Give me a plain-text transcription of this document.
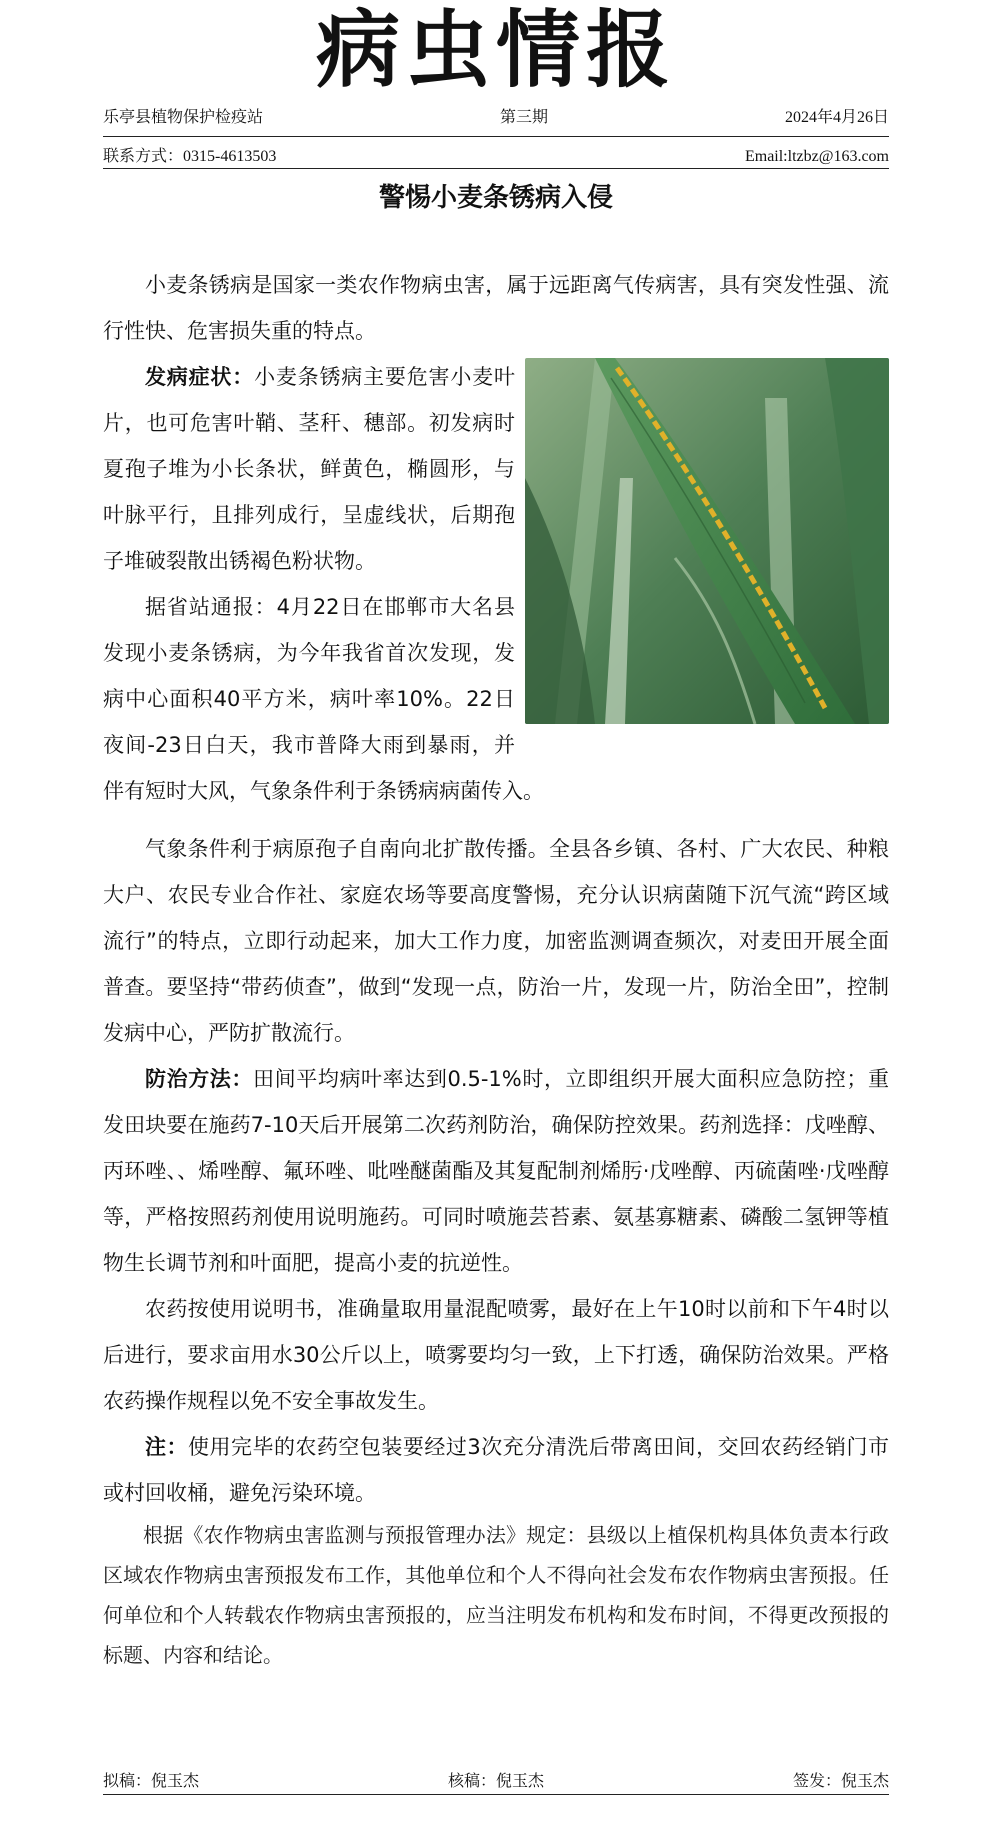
病虫情报
乐亭县植物保护检疫站	第三期	2024年4月26日
联系方式：0315-4613503	Email:ltzbz@163.com
警惕小麦条锈病入侵
小麦条锈病是国家一类农作物病虫害，属于远距离气传病害，具有突发性强、流行性快、危害损失重的特点。
发病症状：小麦条锈病主要危害小麦叶片，也可危害叶鞘、茎秆、穗部。初发病时夏孢子堆为小长条状，鲜黄色，椭圆形，与叶脉平行，且排列成行，呈虚线状，后期孢子堆破裂散出锈褐色粉状物。
据省站通报：4月22日在邯郸市大名县发现小麦条锈病，为今年我省首次发现，发病中心面积40平方米，病叶率10%。22日夜间-23日白天，我市普降大雨到暴雨，并伴有短时大风，气象条件利于条锈病病菌传入。
气象条件利于病原孢子自南向北扩散传播。全县各乡镇、各村、广大农民、种粮大户、农民专业合作社、家庭农场等要高度警惕，充分认识病菌随下沉气流“跨区域流行”的特点，立即行动起来，加大工作力度，加密监测调查频次，对麦田开展全面普查。要坚持“带药侦查”，做到“发现一点，防治一片，发现一片，防治全田”，控制发病中心，严防扩散流行。
防治方法：田间平均病叶率达到0.5-1%时，立即组织开展大面积应急防控；重发田块要在施药7-10天后开展第二次药剂防治，确保防控效果。药剂选择：戊唑醇、丙环唑、、烯唑醇、氟环唑、吡唑醚菌酯及其复配制剂烯肟·戊唑醇、丙硫菌唑·戊唑醇等，严格按照药剂使用说明施药。可同时喷施芸苔素、氨基寡糖素、磷酸二氢钾等植物生长调节剂和叶面肥，提高小麦的抗逆性。
农药按使用说明书，准确量取用量混配喷雾，最好在上午10时以前和下午4时以后进行，要求亩用水30公斤以上，喷雾要均匀一致，上下打透，确保防治效果。严格农药操作规程以免不安全事故发生。
注：使用完毕的农药空包装要经过3次充分清洗后带离田间，交回农药经销门市或村回收桶，避免污染环境。
根据《农作物病虫害监测与预报管理办法》规定：县级以上植保机构具体负责本行政区域农作物病虫害预报发布工作，其他单位和个人不得向社会发布农作物病虫害预报。任何单位和个人转载农作物病虫害预报的，应当注明发布机构和发布时间，不得更改预报的标题、内容和结论。
拟稿：倪玉杰	核稿：倪玉杰	签发：倪玉杰
